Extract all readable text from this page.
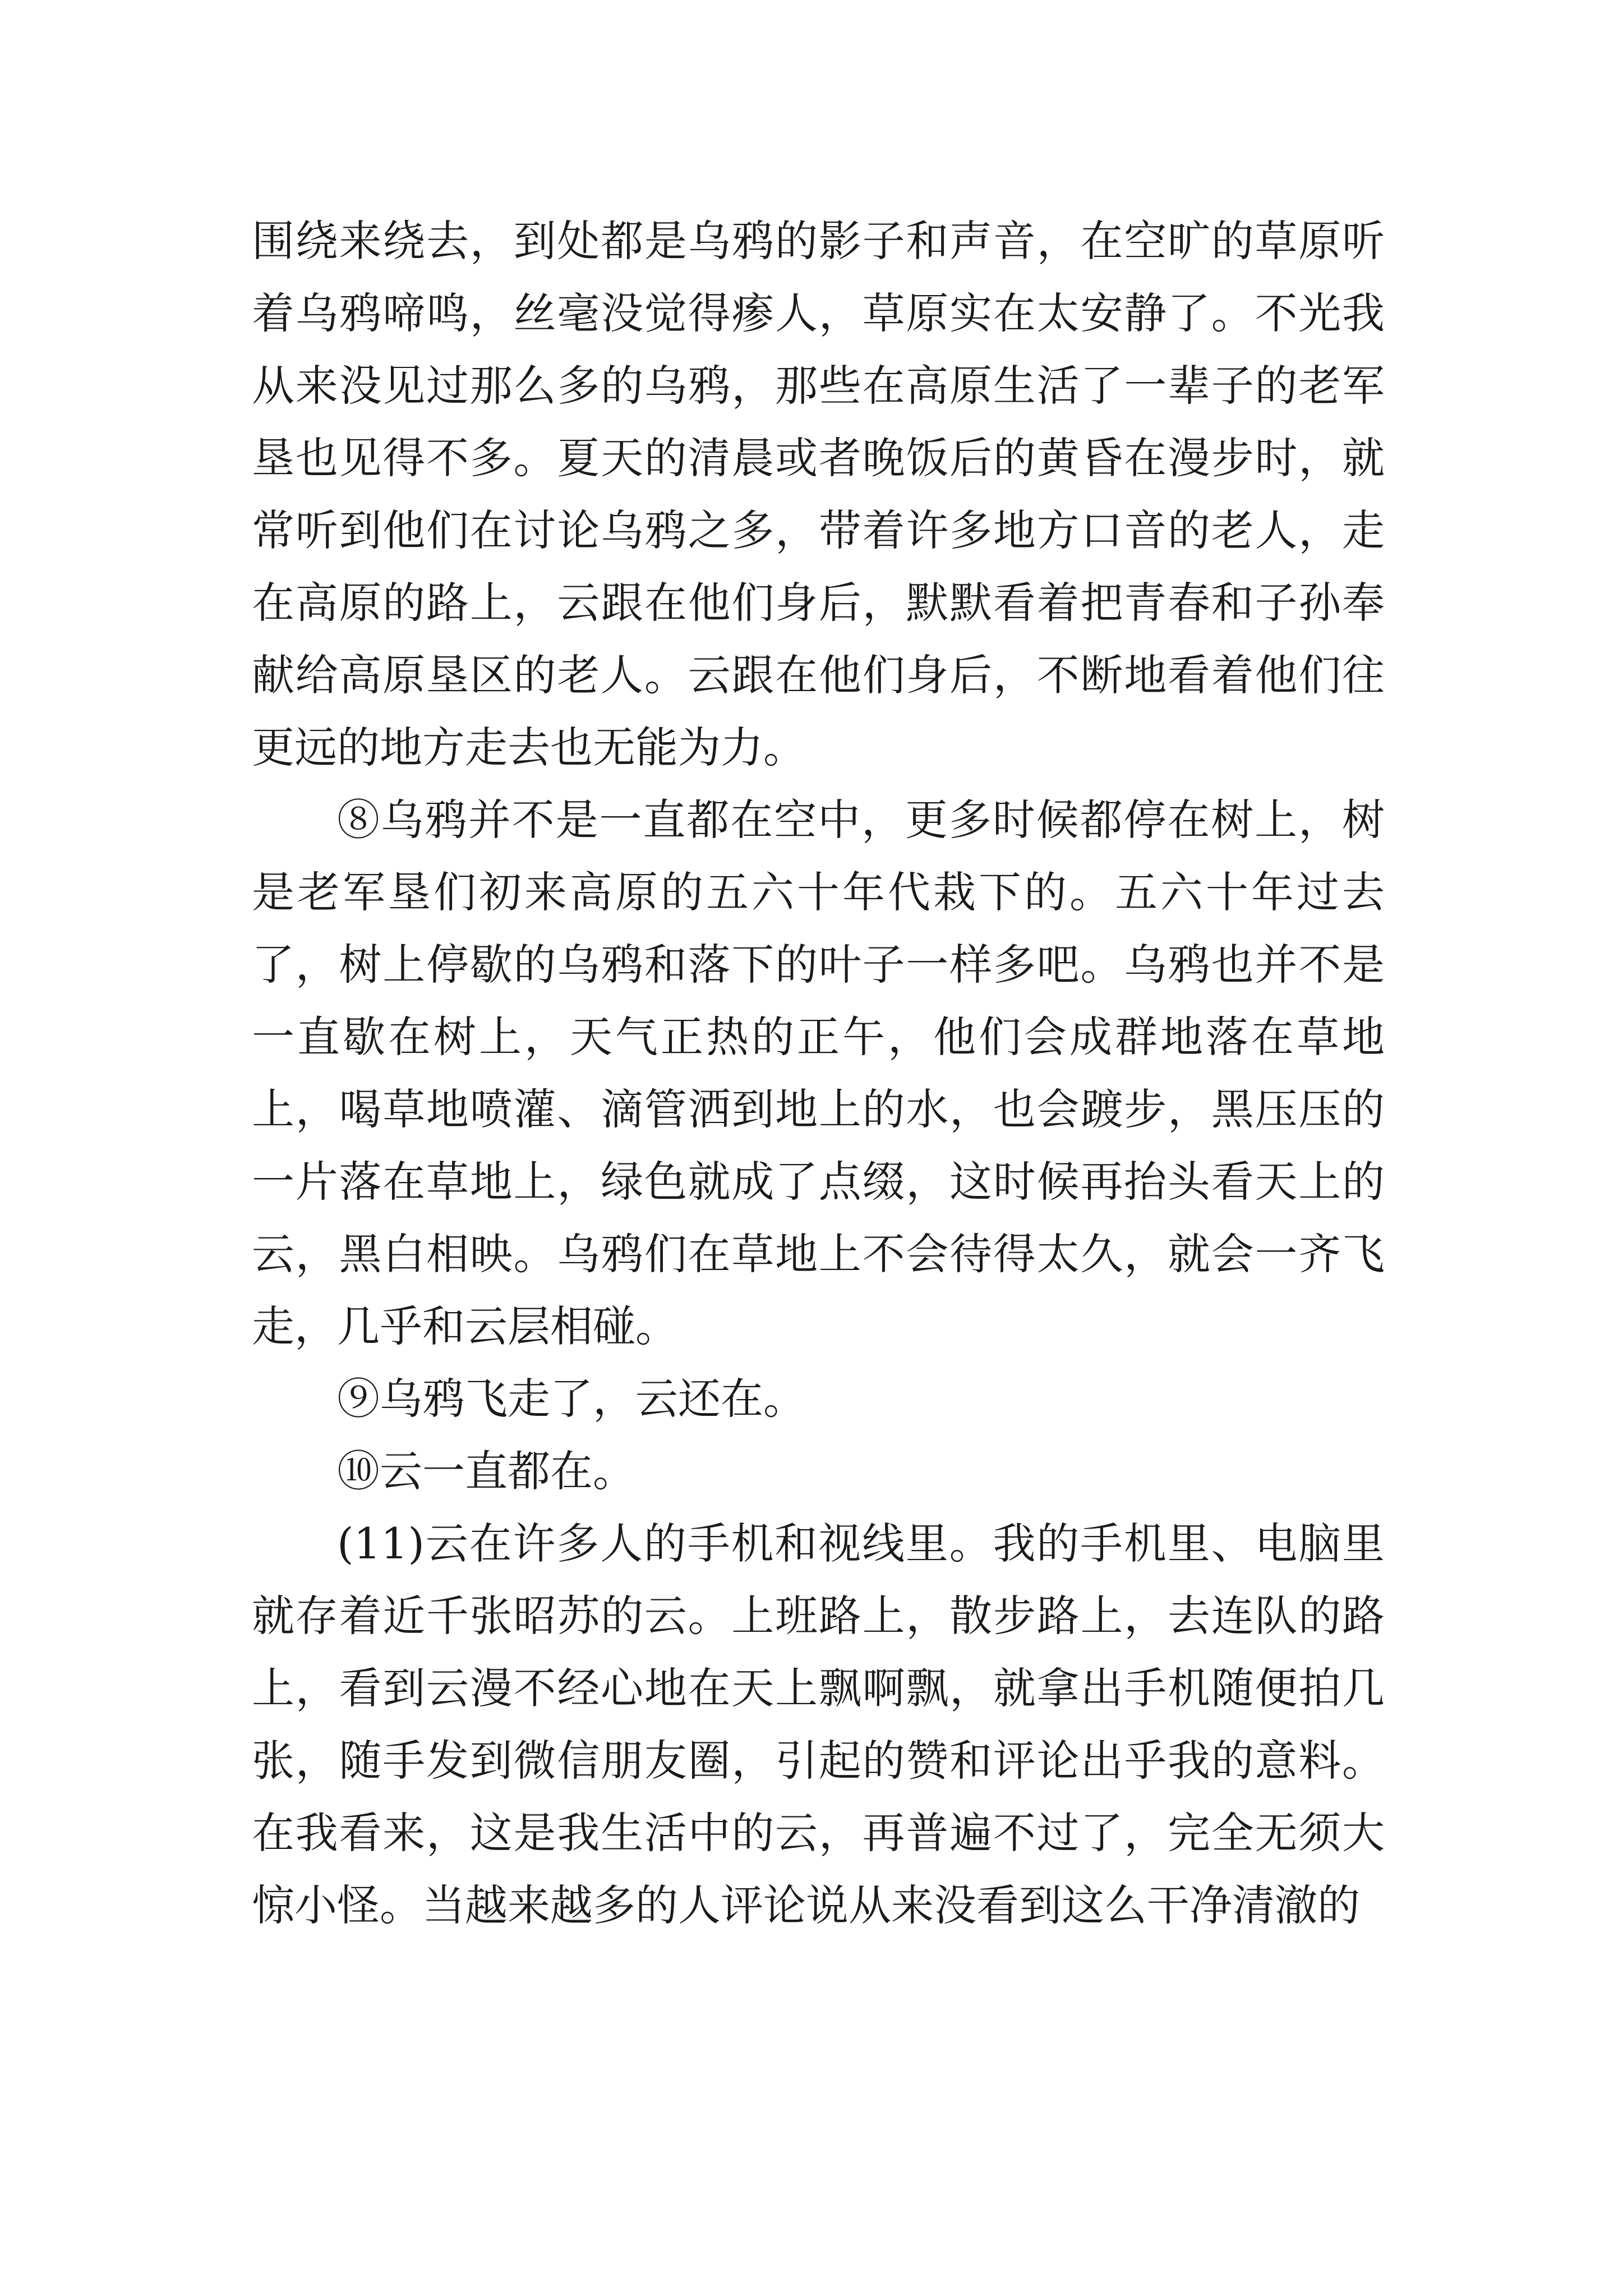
围绕来绕去，到处都是乌鸦的影子和声音，在空旷的草原听着乌鸦啼鸣，丝毫没觉得瘆人，草原实在太安静了。不光我从来没见过那么多的乌鸦，那些在高原生活了一辈子的老军垦也见得不多。夏天的清晨或者晚饭后的黄昏在漫步时，就常听到他们在讨论乌鸦之多，带着许多地方口音的老人，走在高原的路上，云跟在他们身后，默默看着把青春和子孙奉献给高原垦区的老人。云跟在他们身后，不断地看着他们往更远的地方走去也无能为力。

⑧乌鸦并不是一直都在空中，更多时候都停在树上，树是老军垦们初来高原的五六十年代栽下的。五六十年过去了，树上停歇的乌鸦和落下的叶子一样多吧。乌鸦也并不是一直歇在树上，天气正热的正午，他们会成群地落在草地上，喝草地喷灌、滴管洒到地上的水，也会踱步，黑压压的一片落在草地上，绿色就成了点缀，这时候再抬头看天上的云，黑白相映。乌鸦们在草地上不会待得太久，就会一齐飞走，几乎和云层相碰。

⑨乌鸦飞走了，云还在。

⑩云一直都在。

(11)云在许多人的手机和视线里。我的手机里、电脑里就存着近千张昭苏的云。上班路上，散步路上，去连队的路上，看到云漫不经心地在天上飘啊飘，就拿出手机随便拍几张，随手发到微信朋友圈，引起的赞和评论出乎我的意料。在我看来，这是我生活中的云，再普遍不过了，完全无须大惊小怪。当越来越多的人评论说从来没看到这么干净清澈的
